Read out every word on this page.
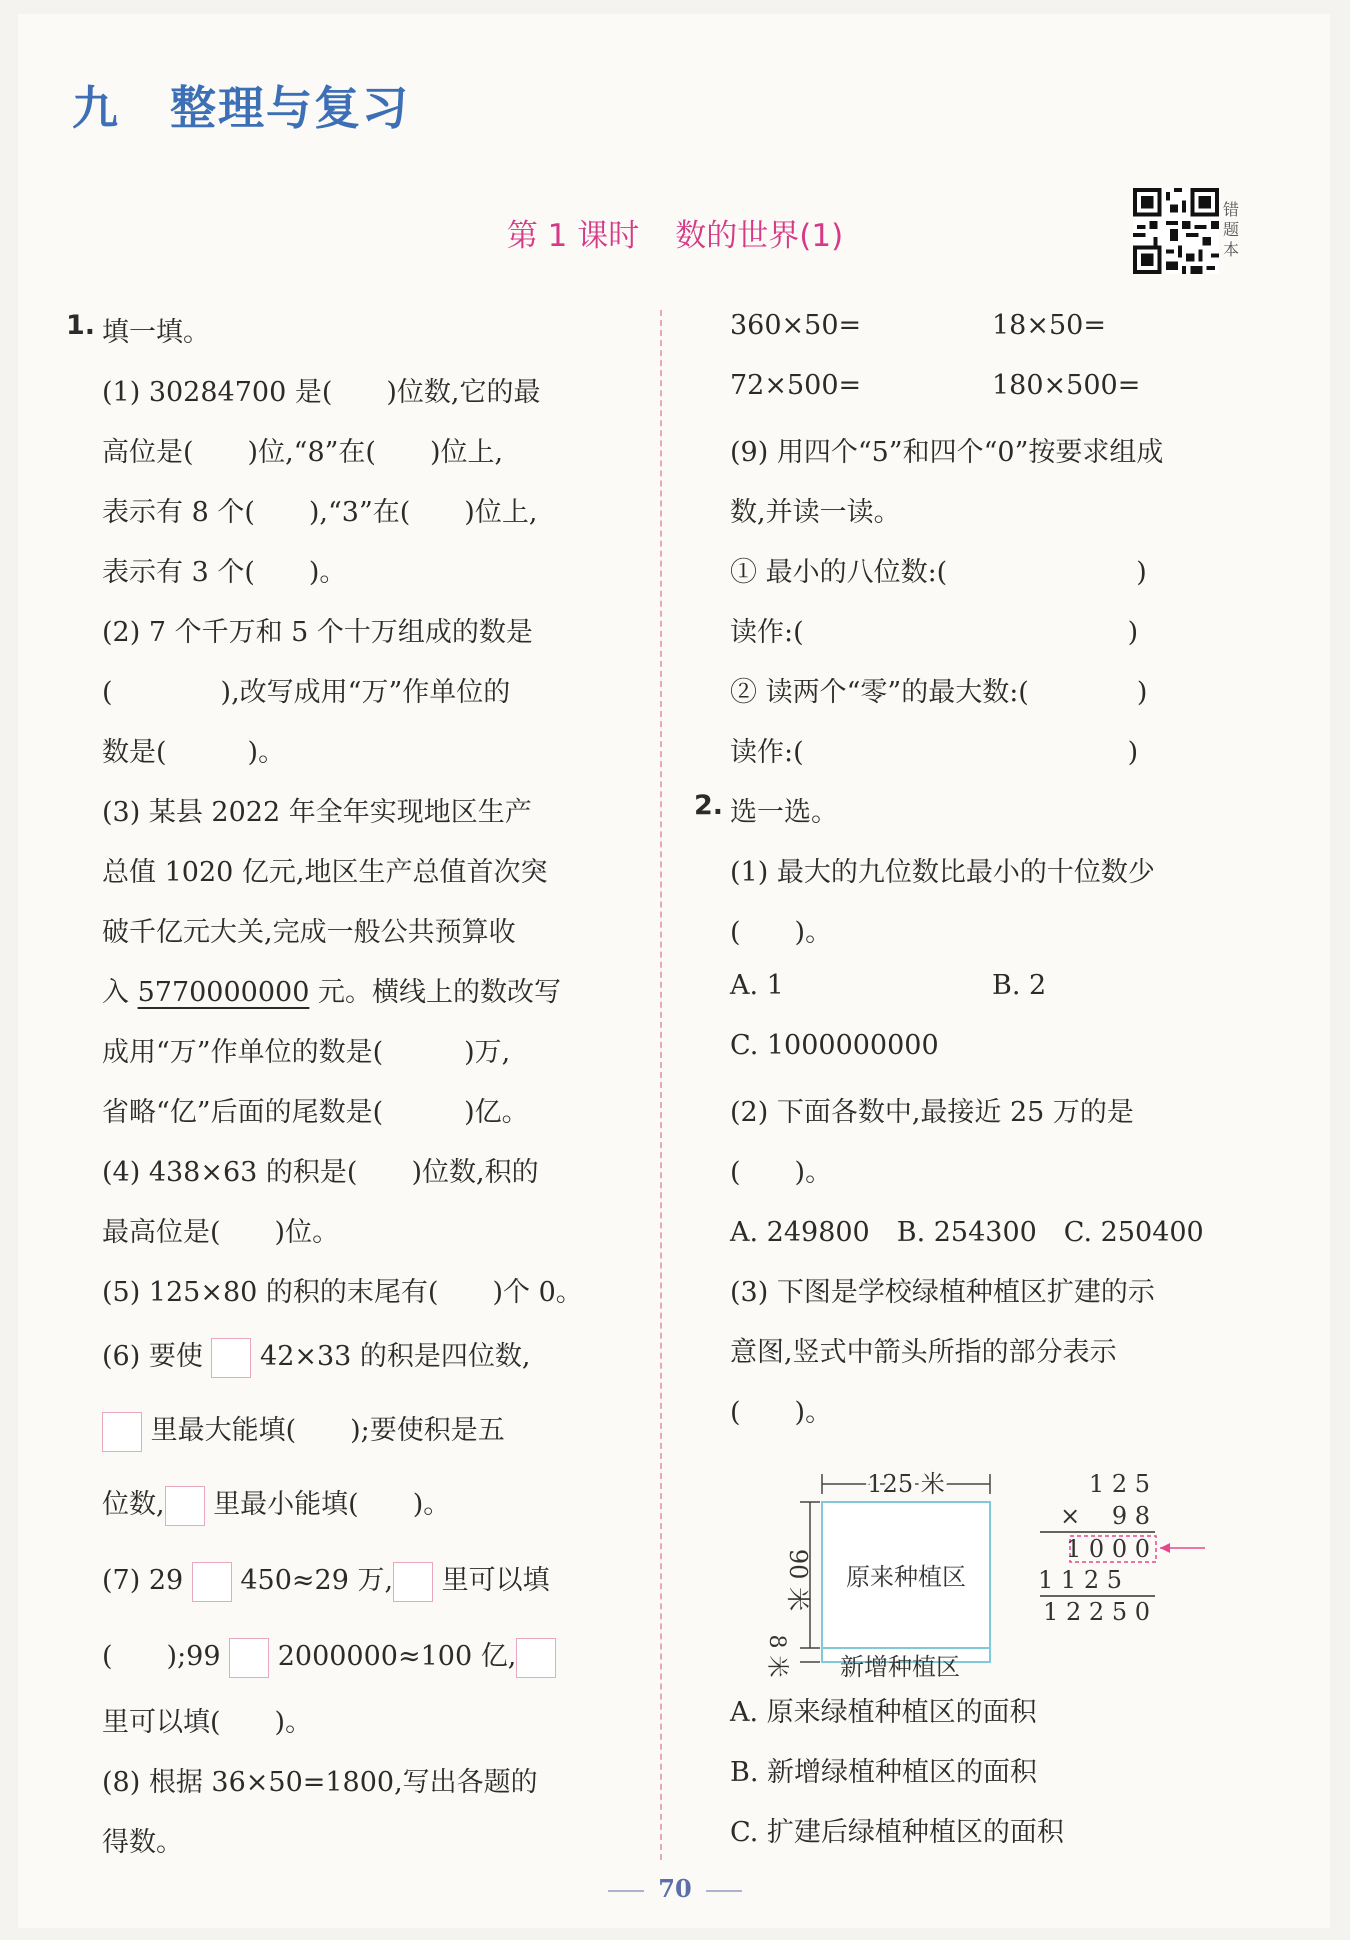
九 整理与复习
第 1 课时 数的世界(1)
错
题
本
1. 填一填。
(1) 30284700 是(　　)位数,它的最
高位是(　　)位,“8”在(　　)位上,
表示有 8 个(　　),“3”在(　　)位上,
表示有 3 个(　　)。
(2) 7 个千万和 5 个十万组成的数是
(　　　　),改写成用“万”作单位的
数是(　　　)。
(3) 某县 2022 年全年实现地区生产
总值 1020 亿元,地区生产总值首次突
破千亿元大关,完成一般公共预算收
入 5770000000 元。横线上的数改写
成用“万”作单位的数是(　　　)万,
省略“亿”后面的尾数是(　　　)亿。
(4) 438×63 的积是(　　)位数,积的
最高位是(　　)位。
(5) 125×80 的积的末尾有(　　)个 0。
(6) 要使 42×33 的积是四位数,
里最大能填(　　);要使积是五
位数, 里最小能填(　　)。
(7) 29 450≈29 万, 里可以填
(　　);99 2000000≈100 亿,
里可以填(　　)。
(8) 根据 36×50=1800,写出各题的
得数。
360×50=	18×50=
72×500=	180×500=
(9) 用四个“5”和四个“0”按要求组成
数,并读一读。
① 最小的八位数:(　　　　　　　)
读作:(　　　　　　　　　　　　)
② 读两个“零”的最大数:(　　　　)
读作:(　　　　　　　　　　　　)
2. 选一选。
(1) 最大的九位数比最小的十位数少
(　　)。
A. 1	B. 2
C. 1000000000
(2) 下面各数中,最接近 25 万的是
(　　)。
A. 249800　B. 254300　C. 250400
(3) 下图是学校绿植种植区扩建的示
意图,竖式中箭头所指的部分表示
(　　)。
A. 原来绿植种植区的面积
B. 新增绿植种植区的面积
C. 扩建后绿植种植区的面积
125 米
原来种植区
90 米
8 米 新增种植区
1 2 5
× 　9 8
1 0 0 0
1 1 2 5
1 2 2 5 0
70
